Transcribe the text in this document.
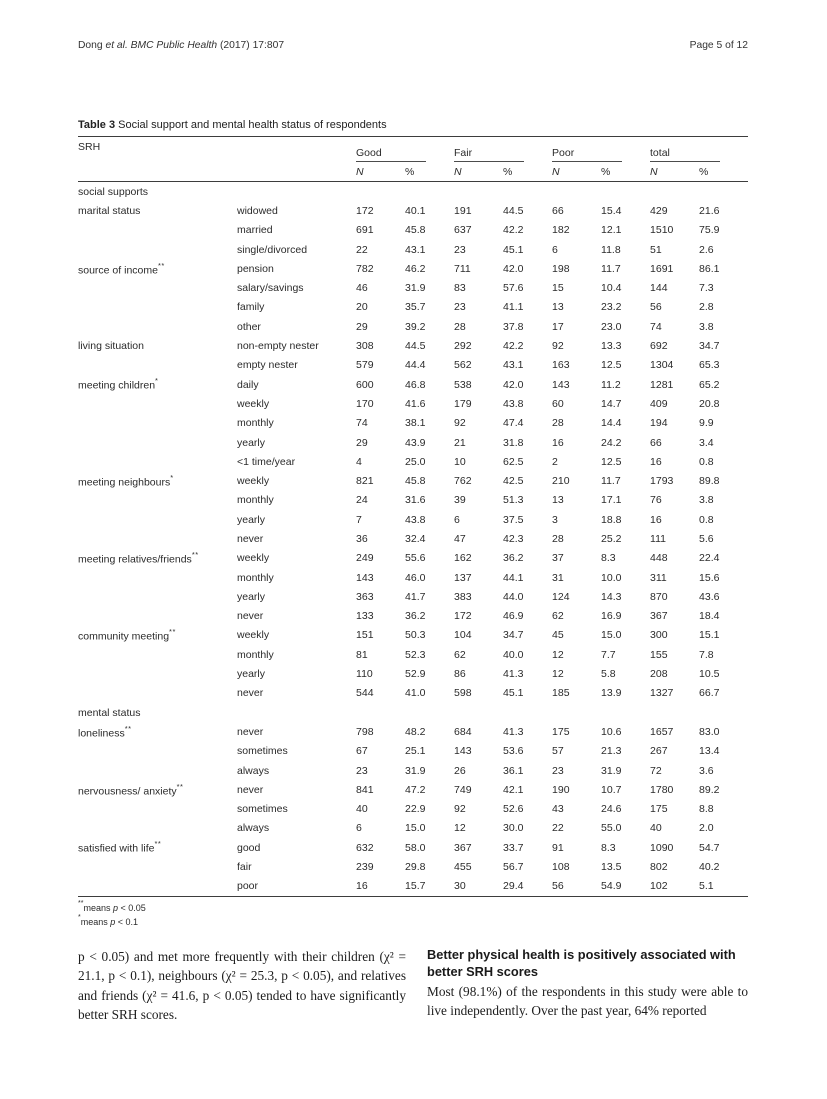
Dong et al. BMC Public Health (2017) 17:807	Page 5 of 12
Table 3 Social support and mental health status of respondents
SRH		Good		Fair		Poor		total	

		N	%	N	%	N	%	N	%
social supports									
marital status	widowed	172	40.1	191	44.5	66	15.4	429	21.6
	married	691	45.8	637	42.2	182	12.1	1510	75.9
	single/divorced	22	43.1	23	45.1	6	11.8	51	2.6
source of income**	pension	782	46.2	711	42.0	198	11.7	1691	86.1
	salary/savings	46	31.9	83	57.6	15	10.4	144	7.3
	family	20	35.7	23	41.1	13	23.2	56	2.8
	other	29	39.2	28	37.8	17	23.0	74	3.8
living situation	non-empty nester	308	44.5	292	42.2	92	13.3	692	34.7
	empty nester	579	44.4	562	43.1	163	12.5	1304	65.3
meeting children*	daily	600	46.8	538	42.0	143	11.2	1281	65.2
	weekly	170	41.6	179	43.8	60	14.7	409	20.8
	monthly	74	38.1	92	47.4	28	14.4	194	9.9
	yearly	29	43.9	21	31.8	16	24.2	66	3.4
	<1 time/year	4	25.0	10	62.5	2	12.5	16	0.8
meeting neighbours*	weekly	821	45.8	762	42.5	210	11.7	1793	89.8
	monthly	24	31.6	39	51.3	13	17.1	76	3.8
	yearly	7	43.8	6	37.5	3	18.8	16	0.8
	never	36	32.4	47	42.3	28	25.2	111	5.6
meeting relatives/friends**	weekly	249	55.6	162	36.2	37	8.3	448	22.4
	monthly	143	46.0	137	44.1	31	10.0	311	15.6
	yearly	363	41.7	383	44.0	124	14.3	870	43.6
	never	133	36.2	172	46.9	62	16.9	367	18.4
community meeting**	weekly	151	50.3	104	34.7	45	15.0	300	15.1
	monthly	81	52.3	62	40.0	12	7.7	155	7.8
	yearly	110	52.9	86	41.3	12	5.8	208	10.5
	never	544	41.0	598	45.1	185	13.9	1327	66.7
mental status									
loneliness**	never	798	48.2	684	41.3	175	10.6	1657	83.0
	sometimes	67	25.1	143	53.6	57	21.3	267	13.4
	always	23	31.9	26	36.1	23	31.9	72	3.6
nervousness/ anxiety**	never	841	47.2	749	42.1	190	10.7	1780	89.2
	sometimes	40	22.9	92	52.6	43	24.6	175	8.8
	always	6	15.0	12	30.0	22	55.0	40	2.0
satisfied with life**	good	632	58.0	367	33.7	91	8.3	1090	54.7
	fair	239	29.8	455	56.7	108	13.5	802	40.2
	poor	16	15.7	30	29.4	56	54.9	102	5.1
**means p < 0.05
*means p < 0.1

p < 0.05) and met more frequently with their children (χ² = 21.1, p < 0.1), neighbours (χ² = 25.3, p < 0.05), and relatives and friends (χ² = 41.6, p < 0.05) tended to have significantly better SRH scores.

Better physical health is positively associated with better SRH scores

Most (98.1%) of the respondents in this study were able to live independently. Over the past year, 64% reported
